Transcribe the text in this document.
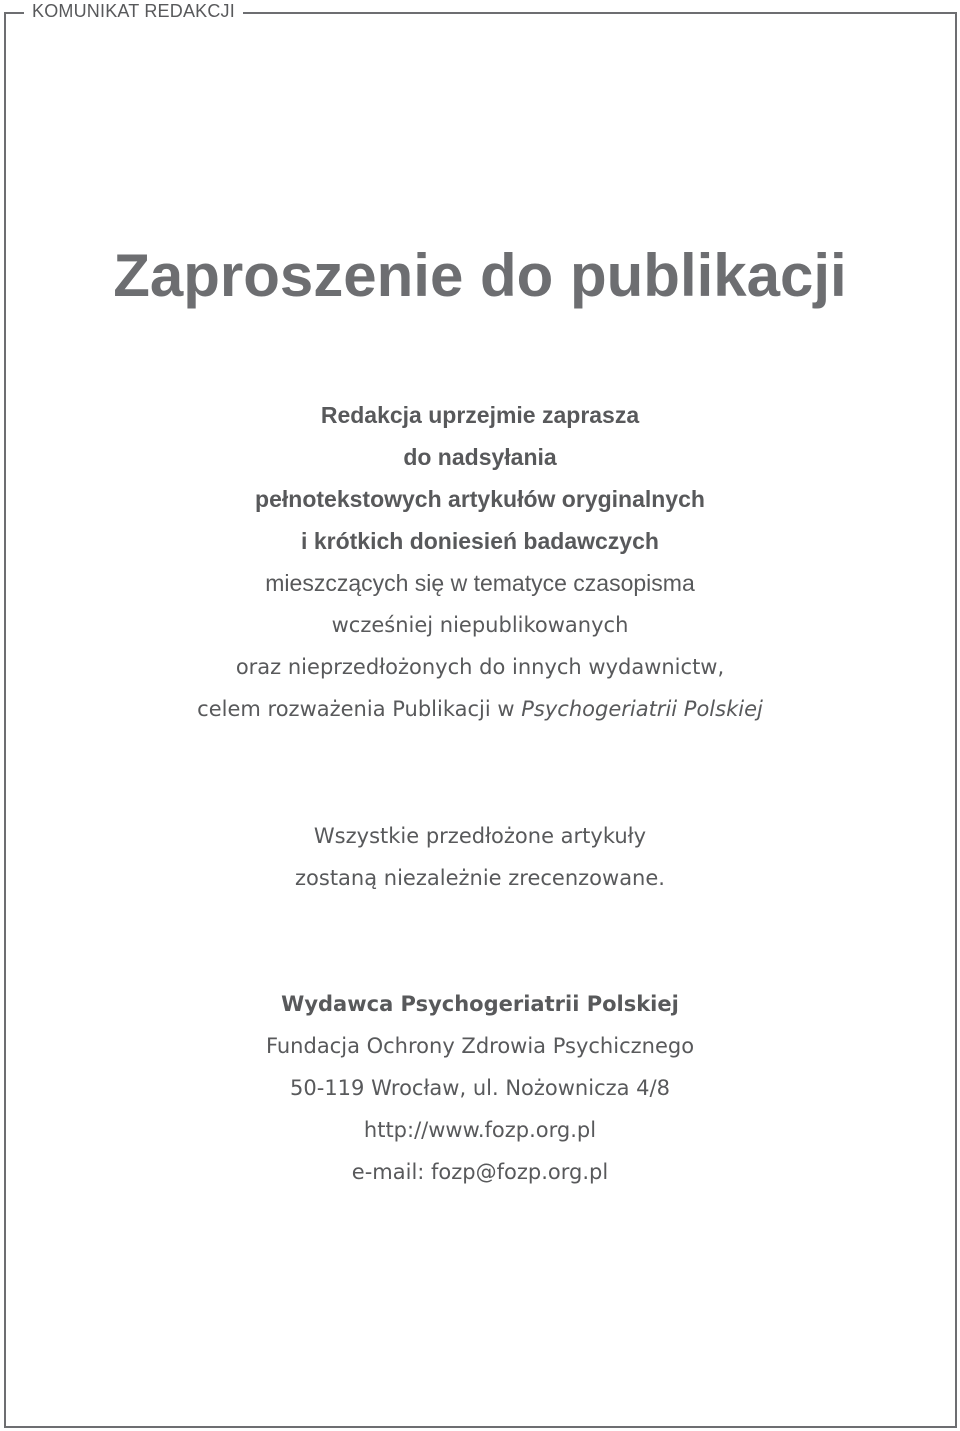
KOMUNIKAT REDAKCJI
Zaproszenie do publikacji
Redakcja uprzejmie zaprasza
do nadsyłania
pełnotekstowych artykułów oryginalnych
i krótkich doniesień badawczych
mieszczących się w tematyce czasopisma
wcześniej niepublikowanych
oraz nieprzedłożonych do innych wydawnictw,
celem rozważenia Publikacji w Psychogeriatrii Polskiej
Wszystkie przedłożone artykuły
zostaną niezależnie zrecenzowane.
Wydawca Psychogeriatrii Polskiej
Fundacja Ochrony Zdrowia Psychicznego
50-119 Wrocław, ul. Nożownicza 4/8
http://www.fozp.org.pl
e-mail: fozp@fozp.org.pl
